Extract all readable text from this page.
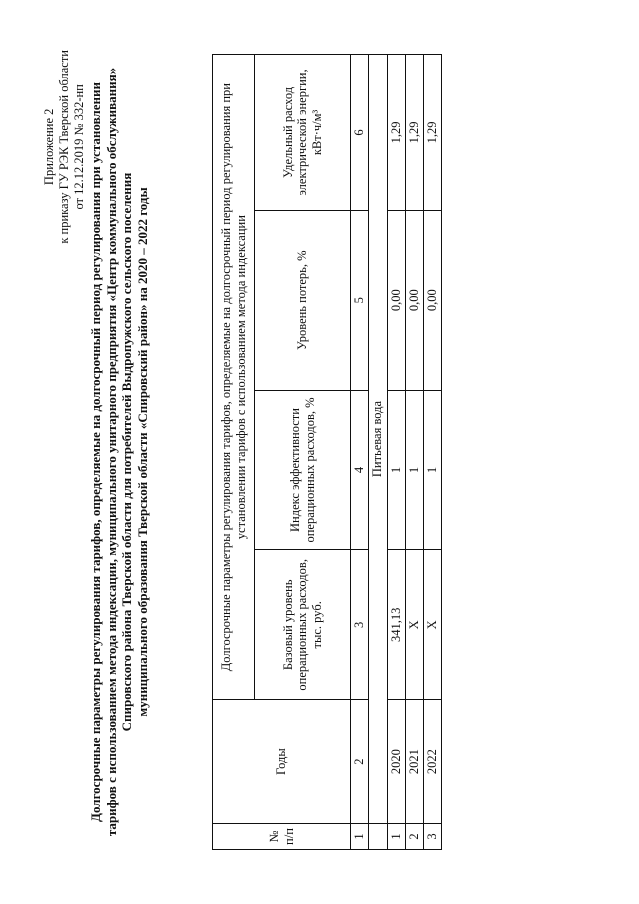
Приложение 2 к приказу ГУ РЭК Тверской области от 12.12.2019 № 332-нп Долгосрочные параметры регулирования тарифов, определяемые на долгосрочный период регулирования при установлении тарифов с использованием метода индексации, муниципального унитарного предприятия «Центр коммунального обслуживания» Спировского района Тверской области для потребителей Выдропужского сельского поселения муниципального образования Тверской области «Спировский район» на 2020 – 2022 годы
№ п/п	Годы	Долгосрочные параметры регулирования тарифов, определяемые на долгосрочный период регулирования при установлении тарифов с использованием метода индексации			
		Базовый уровень операционных расходов, тыс. руб.	Индекс эффективности операционных расходов, %	Уровень потерь, %	Удельный расход электрической энергии, кВт·ч/м³
1	2	3	4	5	6
	Питьевая вода				
1	2020	341,13	1	0,00	1,29
2	2021	Х	1	0,00	1,29
3	2022	Х	1	0,00	1,29
